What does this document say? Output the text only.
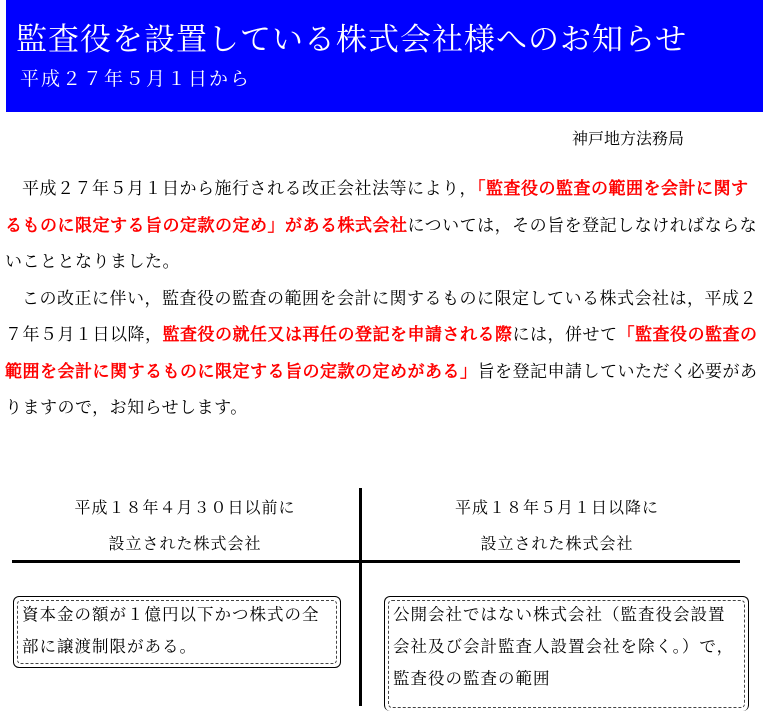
監査役を設置している株式会社様へのお知らせ
平成２７年５月１日から
神戸地方法務局

平成２７年５月１日から施行される改正会社法等により，「監査役の監査の範囲を会計に関するものに限定する旨の定款の定め」がある株式会社については，その旨を登記しなければならないこととなりました。

この改正に伴い，監査役の監査の範囲を会計に関するものに限定している株式会社は，平成２７年５月１日以降，監査役の就任又は再任の登記を申請される際には，併せて「監査役の監査の範囲を会計に関するものに限定する旨の定款の定めがある」旨を登記申請していただく必要がありますので，お知らせします。

平成１８年４月３０日以前に
設立された株式会社
平成１８年５月１日以降に
設立された株式会社
資本金の額が１億円以下かつ株式の全部に譲渡制限がある。
公開会社ではない株式会社（監査役会設置会社及び会計監査人設置会社を除く。）で，監査役の監査の範囲
